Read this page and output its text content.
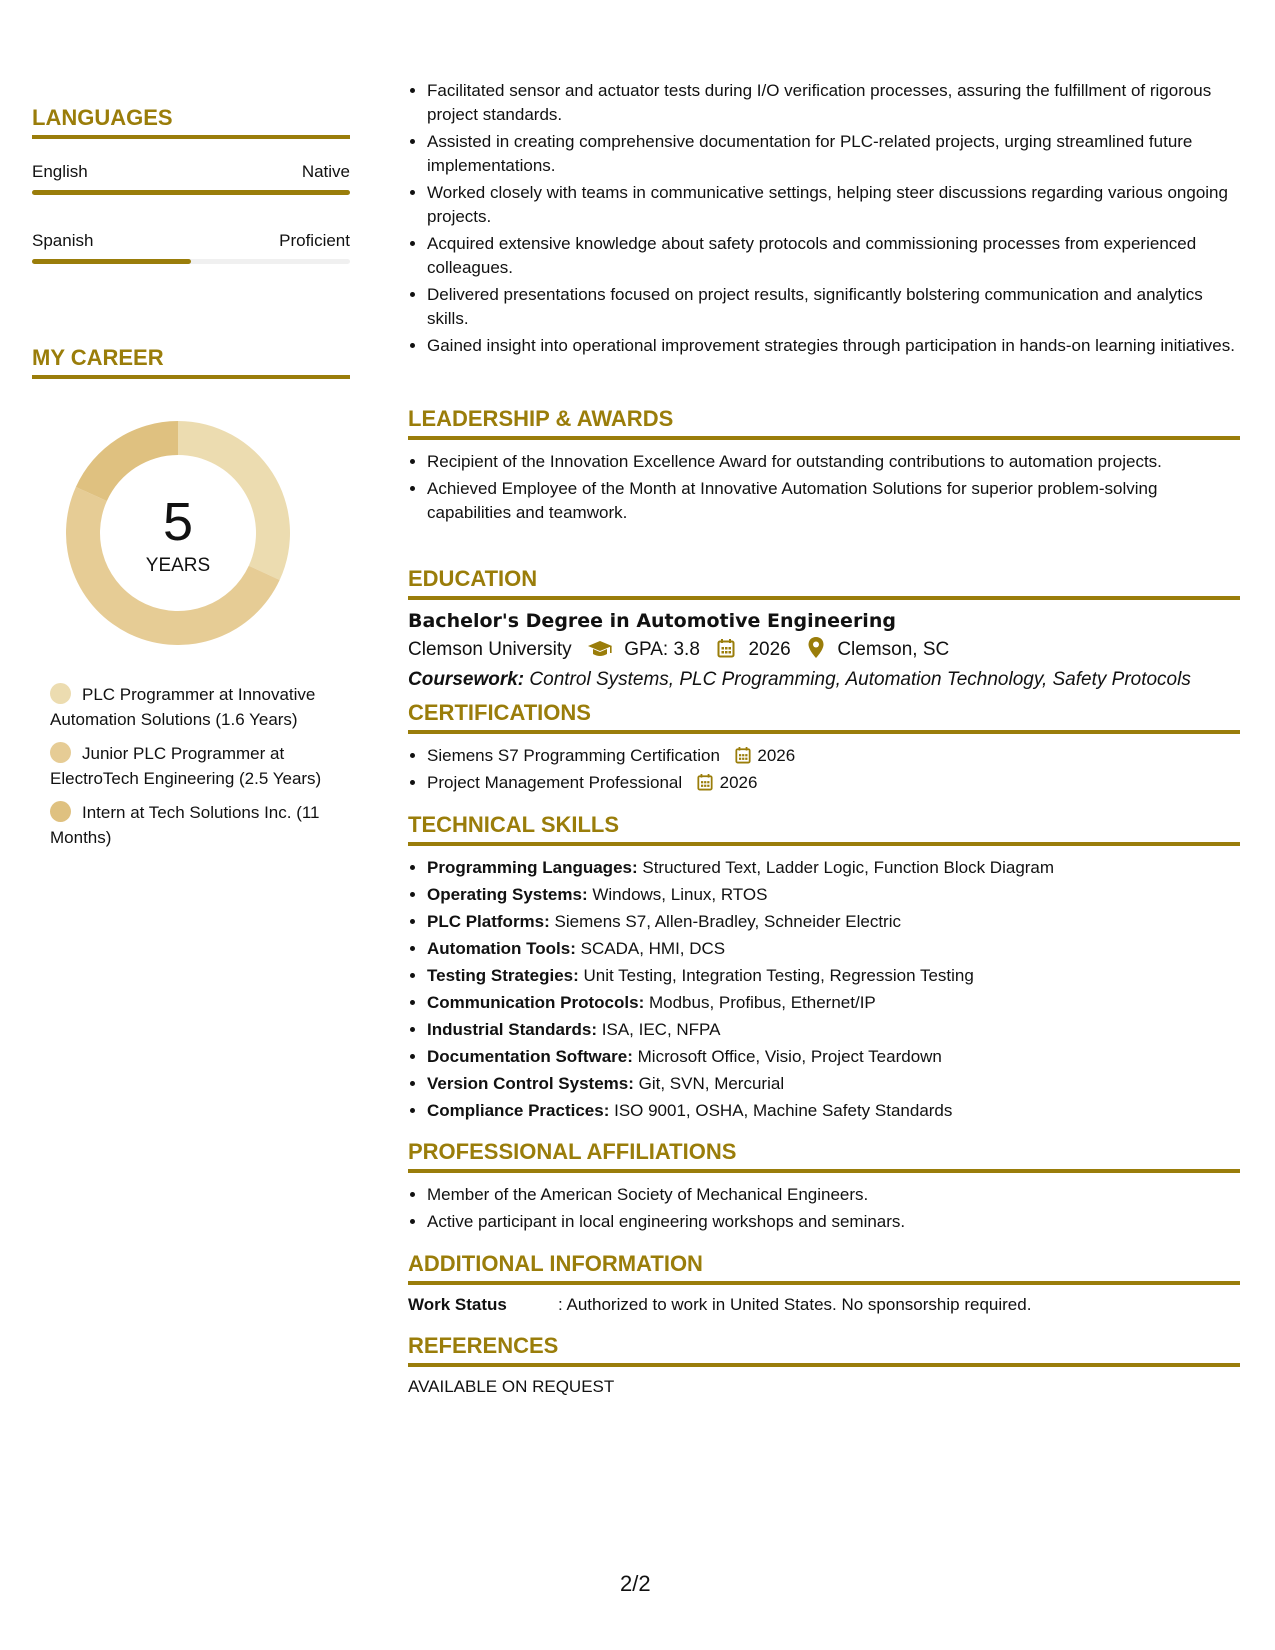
LANGUAGES
English	Native
Spanish	Proficient
MY CAREER
5
YEARS
PLC Programmer at Innovative Automation Solutions (1.6 Years)
Junior PLC Programmer at ElectroTech Engineering (2.5 Years)
Intern at Tech Solutions Inc. (11 Months)
• Facilitated sensor and actuator tests during I/O verification processes, assuring the fulfillment of rigorous project standards.
• Assisted in creating comprehensive documentation for PLC-related projects, urging streamlined future implementations.
• Worked closely with teams in communicative settings, helping steer discussions regarding various ongoing projects.
• Acquired extensive knowledge about safety protocols and commissioning processes from experienced colleagues.
• Delivered presentations focused on project results, significantly bolstering communication and analytics skills.
• Gained insight into operational improvement strategies through participation in hands-on learning initiatives.
LEADERSHIP & AWARDS
• Recipient of the Innovation Excellence Award for outstanding contributions to automation projects.
• Achieved Employee of the Month at Innovative Automation Solutions for superior problem-solving capabilities and teamwork.
EDUCATION
Bachelor's Degree in Automotive Engineering
Clemson University	GPA: 3.8	2026 Clemson, SC
Coursework: Control Systems, PLC Programming, Automation Technology, Safety Protocols
CERTIFICATIONS
• Siemens S7 Programming Certification 2026
• Project Management Professional 2026
TECHNICAL SKILLS
• Programming Languages: Structured Text, Ladder Logic, Function Block Diagram
• Operating Systems: Windows, Linux, RTOS
• PLC Platforms: Siemens S7, Allen-Bradley, Schneider Electric
• Automation Tools: SCADA, HMI, DCS
• Testing Strategies: Unit Testing, Integration Testing, Regression Testing
• Communication Protocols: Modbus, Profibus, Ethernet/IP
• Industrial Standards: ISA, IEC, NFPA
• Documentation Software: Microsoft Office, Visio, Project Teardown
• Version Control Systems: Git, SVN, Mercurial
• Compliance Practices: ISO 9001, OSHA, Machine Safety Standards
PROFESSIONAL AFFILIATIONS
• Member of the American Society of Mechanical Engineers.
• Active participant in local engineering workshops and seminars.
ADDITIONAL INFORMATION
Work Status	: Authorized to work in United States. No sponsorship required.
REFERENCES
AVAILABLE ON REQUEST
2/2
